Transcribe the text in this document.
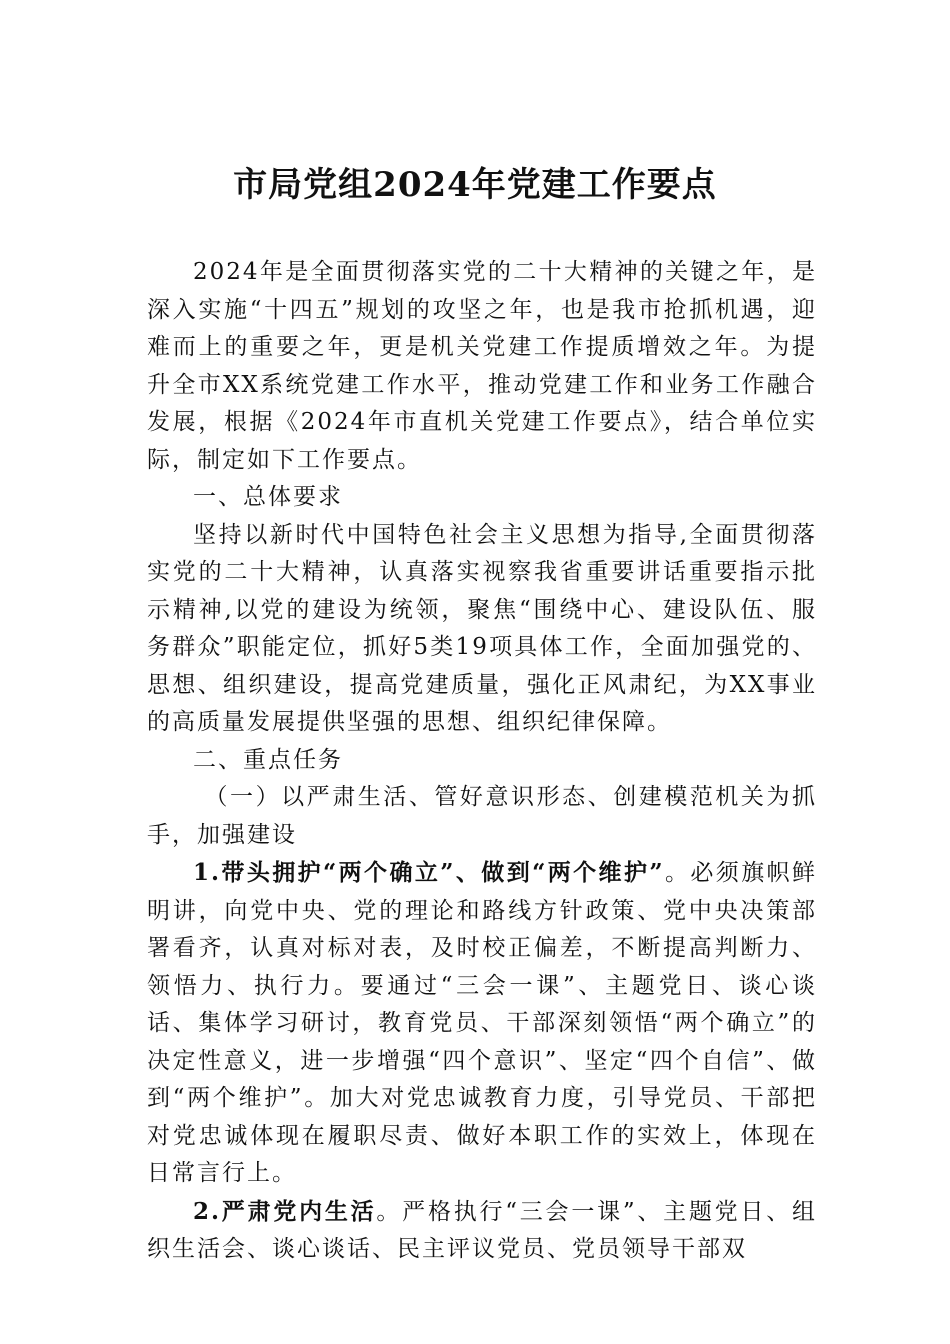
市局党组2024年党建工作要点

2024年是全面贯彻落实党的二十大精神的关键之年，是深入实施“十四五”规划的攻坚之年，也是我市抢抓机遇，迎难而上的重要之年，更是机关党建工作提质增效之年。为提升全市XX系统党建工作水平，推动党建工作和业务工作融合发展，根据《2024年市直机关党建工作要点》，结合单位实际，制定如下工作要点。

一、总体要求

坚持以新时代中国特色社会主义思想为指导,全面贯彻落实党的二十大精神，认真落实视察我省重要讲话重要指示批示精神,以党的建设为统领，聚焦“围绕中心、建设队伍、服务群众”职能定位，抓好5类19项具体工作，全面加强党的、思想、组织建设，提高党建质量，强化正风肃纪，为XX事业的高质量发展提供坚强的思想、组织纪律保障。

二、重点任务

（一）以严肃生活、管好意识形态、创建模范机关为抓手，加强建设

1.带头拥护“两个确立”、做到“两个维护”。必须旗帜鲜明讲，向党中央、党的理论和路线方针政策、党中央决策部署看齐，认真对标对表，及时校正偏差，不断提高判断力、领悟力、执行力。要通过“三会一课”、主题党日、谈心谈话、集体学习研讨，教育党员、干部深刻领悟“两个确立”的决定性意义，进一步增强“四个意识”、坚定“四个自信”、做到“两个维护”。加大对党忠诚教育力度，引导党员、干部把对党忠诚体现在履职尽责、做好本职工作的实效上，体现在日常言行上。

2.严肃党内生活。严格执行“三会一课”、主题党日、组织生活会、谈心谈话、民主评议党员、党员领导干部双
